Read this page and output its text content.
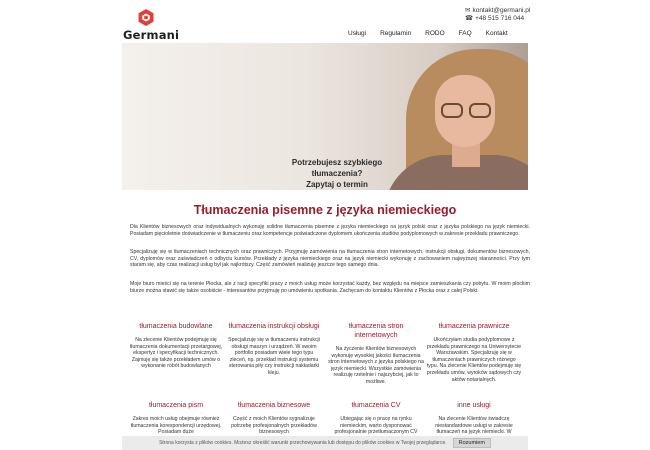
Germani
✉ kontakt@germani.pl
☎ +48 515 716 044
Usługi	Regulamin	RODO	FAQ	Kontakt
Potrzebujesz szybkiego tłumaczenia?
Zapytaj o termin
Tłumaczenia pisemne z języka niemieckiego

Dla Klientów biznesowych oraz indywidualnych wykonuję solidne tłumaczenia pisemne z języka niemieckiego na język polski oraz z języka polskiego na język niemiecki. Posiadam pięcioletnie doświadczenie w tłumaczeniu oraz kompetencje poświadczone dyplomem ukończenia studiów podyplomowych w zakresie przekładu prawniczego.

Specjalizuję się w tłumaczeniach technicznych oraz prawniczych. Przyjmuję zamówienia na tłumaczenia stron internetowych, instrukcji obsługi, dokumentów biznesowych, CV, dyplomów oraz zaświadczeń o odbyciu kursów. Przekłady z języka niemieckiego oraz na język niemiecki wykonuję z zachowaniem najwyższej staranności. Przy tym staram się, aby czas realizacji usług był jak najkrótszy. Część zamówień realizuję jeszcze tego samego dnia.

Moje biuro mieści się na terenie Płocka, ale z racji specyfiki pracy z moich usług może korzystać każdy, bez względu na miejsce zamieszkania czy pobytu. W moim płockim biurze można stawić się także osobiście - interesantów przyjmuję po umówieniu spotkania. Zachęcam do kontaktu Klientów z Płocka oraz z całej Polski.

tłumaczenia budowlane
Na zlecenie Klientów podejmuję się tłumaczenia dokumentacji przetargowej, ekspertyz i specyfikacji technicznych. Zajmuję się także przekładem umów o wykonanie robót budowlanych
tłumaczenia instrukcji obsługi
Specjalizuję się w tłumaczeniu instrukcji obsługi maszyn i urządzeń. W swoim portfolio posiadam wiele tego typu zleceń, np. przekład instrukcji systemu sterowania piły czy instrukcji nakładarki kleju.
tłumaczenia stron internetowych
Na życzenie Klientów biznesowych wykonuję wysokiej jakości tłumaczenia stron internetowych z języka polskiego na język niemiecki. Wszystkie zamówienia realizuję rzetelnie i najszybciej, jak to możliwe.
tłumaczenia prawnicze
Ukończyłam studia podyplomowe z przekładu prawniczego na Uniwersytecie Warszawskim. Specjalizuję się w tłumaczeniach prawniczych różnego typu. Na zlecenie Klientów podejmuję się przekładu umów, wyroków sądowych czy aktów notarialnych.
tłumaczenia pism
Zakres moich usług obejmuje również tłumaczenia korespondencji urzędowej. Posiadam duże
tłumaczenia biznesowe
Część z moich Klientów sygnalizuje potrzebę profesjonalnych przekładów biznesowych
tłumaczenia CV
Ubiegając się o pracę na rynku niemieckim, warto dysponować profesjonalnie przetłumaczonym CV
inne usługi
Na zlecenie Klientów świadczę niestandardowe usługi w zakresie tłumaczeń na język niemiecki. W
Strona korzysta z plików cookies. Możesz określić warunki przechowywania lub dostępu do plików cookies w Twojej przeglądarce.	Rozumiem
